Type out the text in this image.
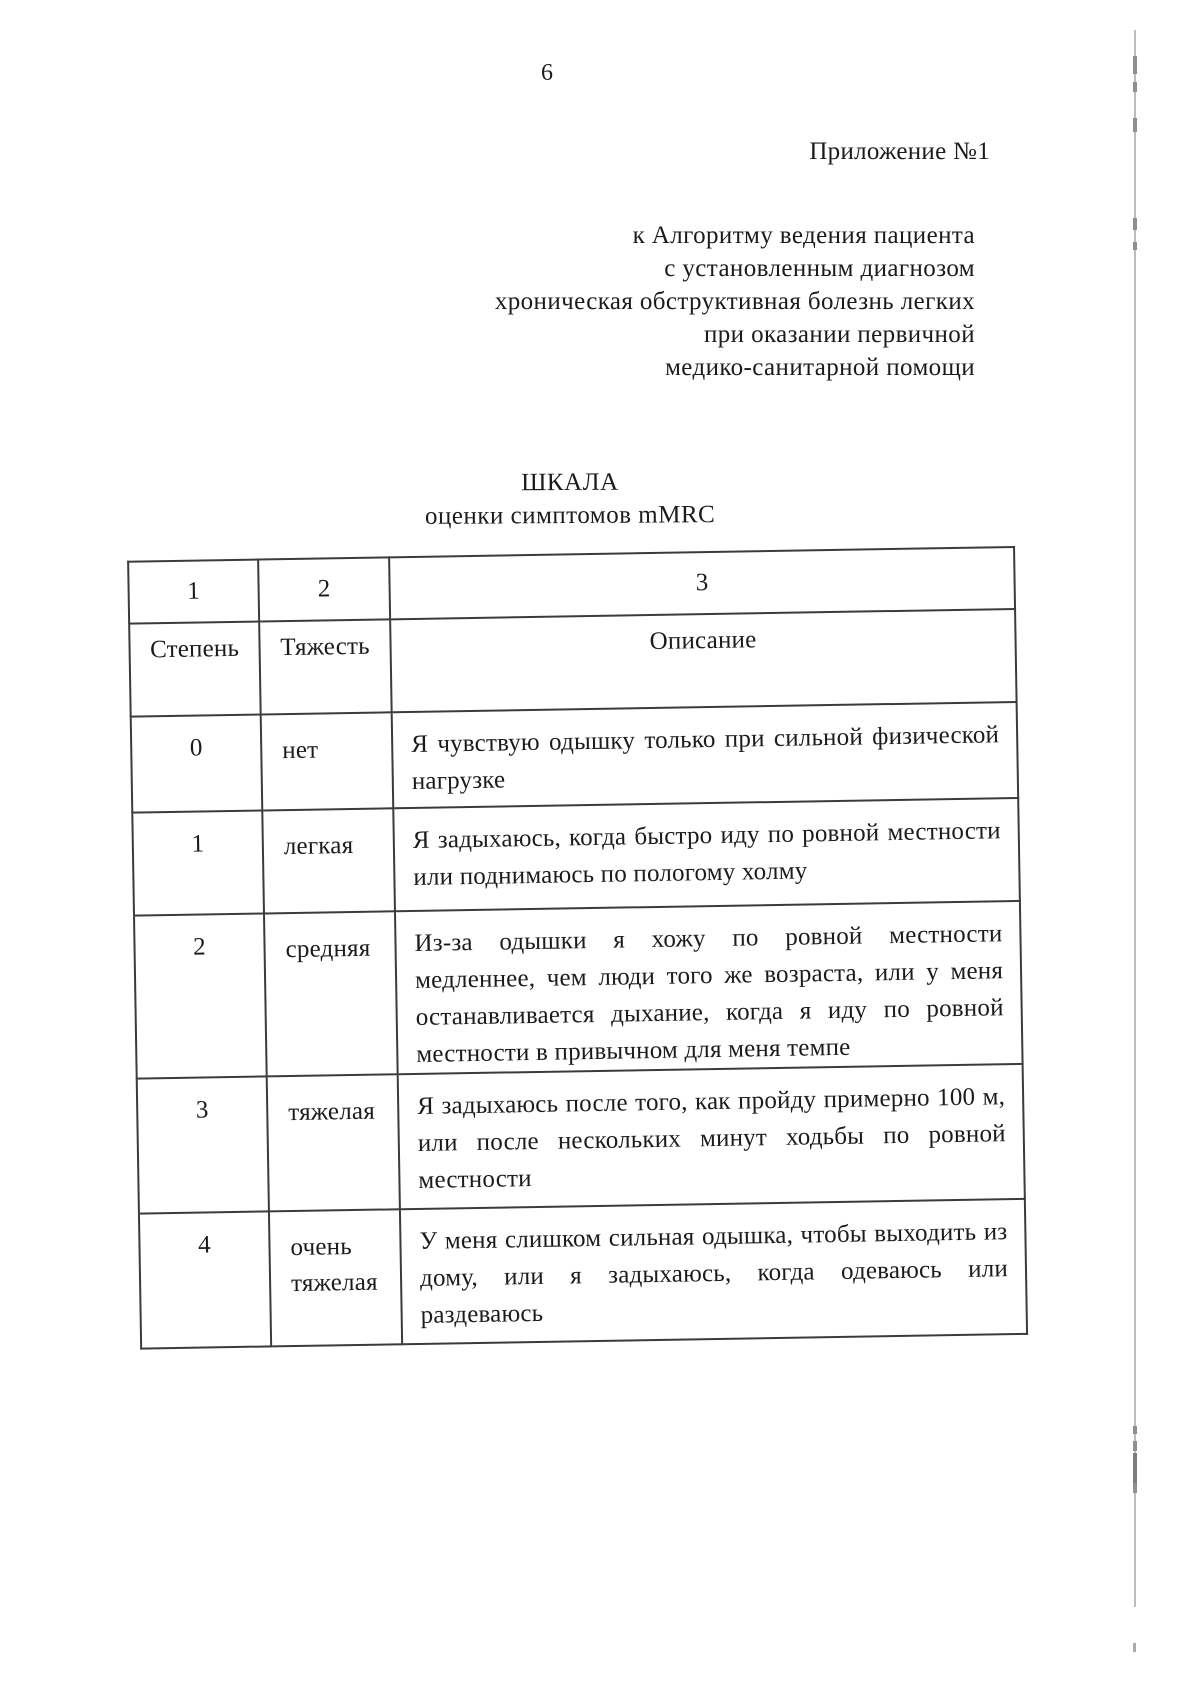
6
Приложение №1
к Алгоритму ведения пациента
с установленным диагнозом
хроническая обструктивная болезнь легких
при оказании первичной
медико-санитарной помощи
ШКАЛА
оценки симптомов mMRC
1	2	3
Степень	Тяжесть	Описание
0	нет	Я чувствую одышку только при сильной физической нагрузке
1	легкая	Я задыхаюсь, когда быстро иду по ровной местности или поднимаюсь по пологому холму
2	средняя	Из-за одышки я хожу по ровной местности медленнее, чем люди того же возраста, или у меня останавливается дыхание, когда я иду по ровной местности в привычном для меня темпе
3	тяжелая	Я задыхаюсь после того, как пройду примерно 100 м, или после нескольких минут ходьбы по ровной местности
4	очень тяжелая	У меня слишком сильная одышка, чтобы выходить из дому, или я задыхаюсь, когда одеваюсь или раздеваюсь
